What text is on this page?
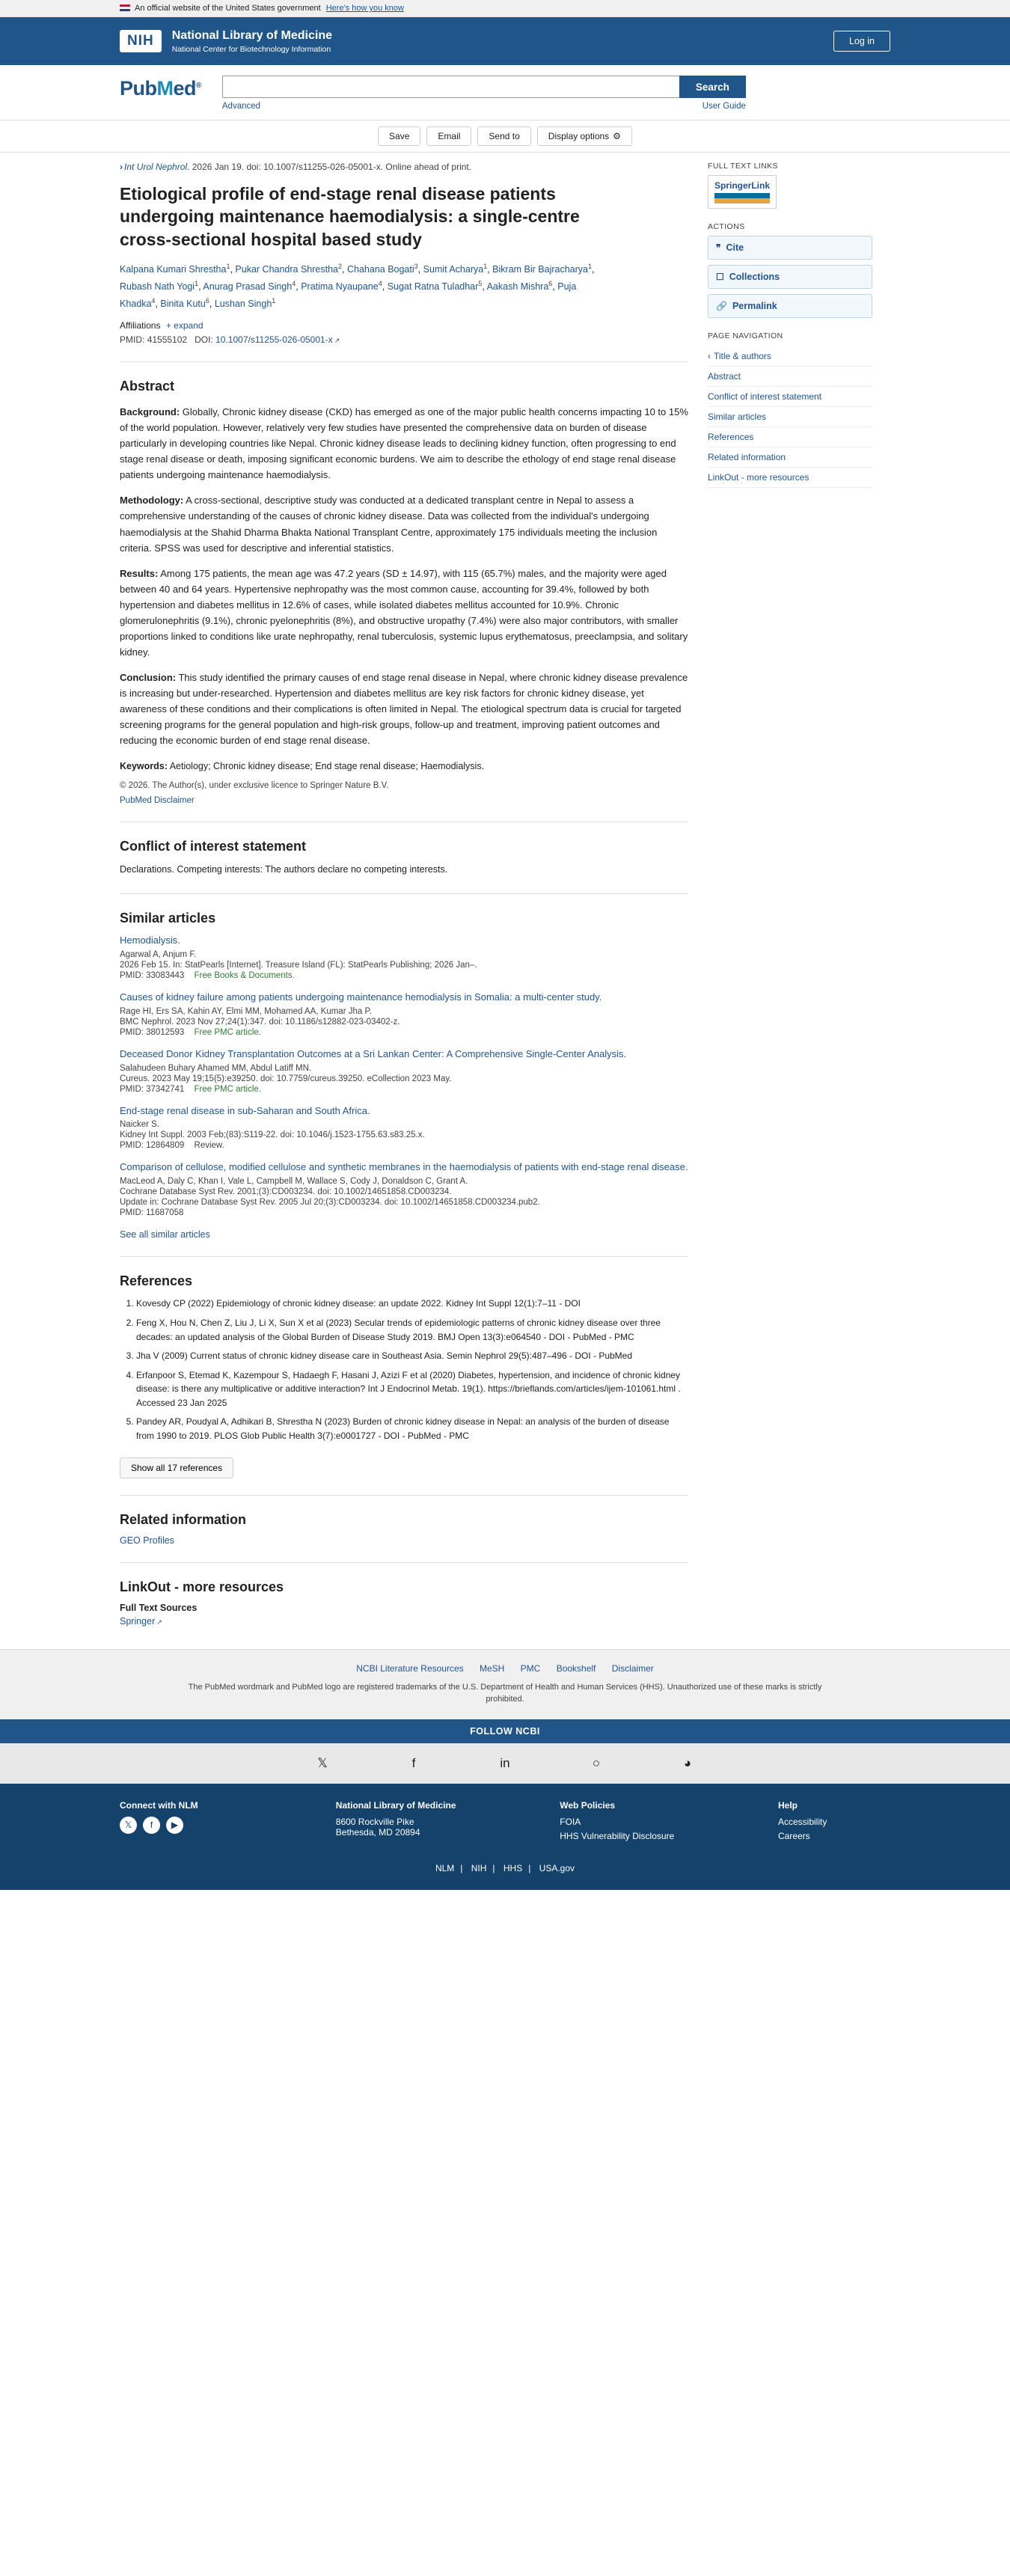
An official website of the United States government Here's how you know
NIH	National Library of Medicine
National Center for Biotechnology Information
Log in
PubMed®	Search
Advanced	User Guide
Save	Email	Send to	Display options ⚙
› Int Urol Nephrol. 2026 Jan 19. doi: 10.1007/s11255-026-05001-x. Online ahead of print.
Etiological profile of end-stage renal disease patients undergoing maintenance haemodialysis: a single-centre cross-sectional hospital based study
Kalpana Kumari Shrestha$^1$, Pukar Chandra Shrestha$^2$, Chahana Bogati$^3$, Sumit Acharya$^1$, Bikram Bir Bajracharya$^1$, Rubash Nath Yogi$^1$, Anurag Prasad Singh$^4$, Pratima Nyaupane$^4$, Sugat Ratna Tuladhar$^5$, Aakash Mishra$^6$, Puja Khadka$^4$, Binita Kutu$^6$, Lushan Singh$^1$
Affiliations + expand
PMID: 41555102 DOI: 10.1007/s11255-026-05001-x ↗
Abstract

Background: Globally, Chronic kidney disease (CKD) has emerged as one of the major public health concerns impacting 10 to 15% of the world population. However, relatively very few studies have presented the comprehensive data on burden of disease particularly in developing countries like Nepal. Chronic kidney disease leads to declining kidney function, often progressing to end stage renal disease or death, imposing significant economic burdens. We aim to describe the ethology of end stage renal disease patients undergoing maintenance haemodialysis.

Methodology: A cross-sectional, descriptive study was conducted at a dedicated transplant centre in Nepal to assess a comprehensive understanding of the causes of chronic kidney disease. Data was collected from the individual's undergoing haemodialysis at the Shahid Dharma Bhakta National Transplant Centre, approximately 175 individuals meeting the inclusion criteria. SPSS was used for descriptive and inferential statistics.

Results: Among 175 patients, the mean age was 47.2 years (SD ± 14.97), with 115 (65.7%) males, and the majority were aged between 40 and 64 years. Hypertensive nephropathy was the most common cause, accounting for 39.4%, followed by both hypertension and diabetes mellitus in 12.6% of cases, while isolated diabetes mellitus accounted for 10.9%. Chronic glomerulonephritis (9.1%), chronic pyelonephritis (8%), and obstructive uropathy (7.4%) were also major contributors, with smaller proportions linked to conditions like urate nephropathy, renal tuberculosis, systemic lupus erythematosus, preeclampsia, and solitary kidney.

Conclusion: This study identified the primary causes of end stage renal disease in Nepal, where chronic kidney disease prevalence is increasing but under-researched. Hypertension and diabetes mellitus are key risk factors for chronic kidney disease, yet awareness of these conditions and their complications is often limited in Nepal. The etiological spectrum data is crucial for targeted screening programs for the general population and high-risk groups, follow-up and treatment, improving patient outcomes and reducing the economic burden of end stage renal disease.

Keywords: Aetiology; Chronic kidney disease; End stage renal disease; Haemodialysis.
© 2026. The Author(s), under exclusive licence to Springer Nature B.V.
PubMed Disclaimer
Conflict of interest statement

Declarations. Competing interests: The authors declare no competing interests.

Similar articles
Hemodialysis.
Agarwal A, Anjum F.
2026 Feb 15. In: StatPearls [Internet]. Treasure Island (FL): StatPearls Publishing; 2026 Jan–.
PMID: 33083443 Free Books & Documents.
Causes of kidney failure among patients undergoing maintenance hemodialysis in Somalia: a multi-center study.
Rage HI, Ers SA, Kahin AY, Elmi MM, Mohamed AA, Kumar Jha P.
BMC Nephrol. 2023 Nov 27;24(1):347. doi: 10.1186/s12882-023-03402-z.
PMID: 38012593 Free PMC article.
Deceased Donor Kidney Transplantation Outcomes at a Sri Lankan Center: A Comprehensive Single-Center Analysis.
Salahudeen Buhary Ahamed MM, Abdul Latiff MN.
Cureus. 2023 May 19;15(5):e39250. doi: 10.7759/cureus.39250. eCollection 2023 May.
PMID: 37342741 Free PMC article.
End-stage renal disease in sub-Saharan and South Africa.
Naicker S.
Kidney Int Suppl. 2003 Feb;(83):S119-22. doi: 10.1046/j.1523-1755.63.s83.25.x.
PMID: 12864809 Review.
Comparison of cellulose, modified cellulose and synthetic membranes in the haemodialysis of patients with end-stage renal disease.
MacLeod A, Daly C, Khan I, Vale L, Campbell M, Wallace S, Cody J, Donaldson C, Grant A.
Cochrane Database Syst Rev. 2001;(3):CD003234. doi: 10.1002/14651858.CD003234.
Update in: Cochrane Database Syst Rev. 2005 Jul 20;(3):CD003234. doi: 10.1002/14651858.CD003234.pub2.
PMID: 11687058
See all similar articles
References
1. Kovesdy CP (2022) Epidemiology of chronic kidney disease: an update 2022. Kidney Int Suppl 12(1):7–11 - DOI
2. Feng X, Hou N, Chen Z, Liu J, Li X, Sun X et al (2023) Secular trends of epidemiologic patterns of chronic kidney disease over three decades: an updated analysis of the Global Burden of Disease Study 2019. BMJ Open 13(3):e064540 - DOI - PubMed - PMC
3. Jha V (2009) Current status of chronic kidney disease care in Southeast Asia. Semin Nephrol 29(5):487–496 - DOI - PubMed
4. Erfanpoor S, Etemad K, Kazempour S, Hadaegh F, Hasani J, Azizi F et al (2020) Diabetes, hypertension, and incidence of chronic kidney disease: is there any multiplicative or additive interaction? Int J Endocrinol Metab. 19(1). https://brieflands.com/articles/ijem-101061.html . Accessed 23 Jan 2025
5. Pandey AR, Poudyal A, Adhikari B, Shrestha N (2023) Burden of chronic kidney disease in Nepal: an analysis of the burden of disease from 1990 to 2019. PLOS Glob Public Health 3(7):e0001727 - DOI - PubMed - PMC
Show all 17 references
Related information
GEO Profiles
LinkOut - more resources
Full Text Sources
Springer ↗
FULL TEXT LINKS
SpringerLink
ACTIONS
❞ Cite
☐ Collections
🔗 Permalink
PAGE NAVIGATION
‹ Title & authors
Abstract
Conflict of interest statement
Similar articles
References
Related information
LinkOut - more resources
NCBI Literature Resources MeSH PMC Bookshelf Disclaimer
The PubMed wordmark and PubMed logo are registered trademarks of the U.S. Department of Health and Human Services (HHS). Unauthorized use of these marks is strictly prohibited.
FOLLOW NCBI
𝕏	f	in	○	◕
Connect with NLM
𝕏	f	▶
National Library of Medicine
8600 Rockville Pike
Bethesda, MD 20894
Web Policies
FOIA
HHS Vulnerability Disclosure
Help
Accessibility
Careers
NLM | NIH | HHS | USA.gov
